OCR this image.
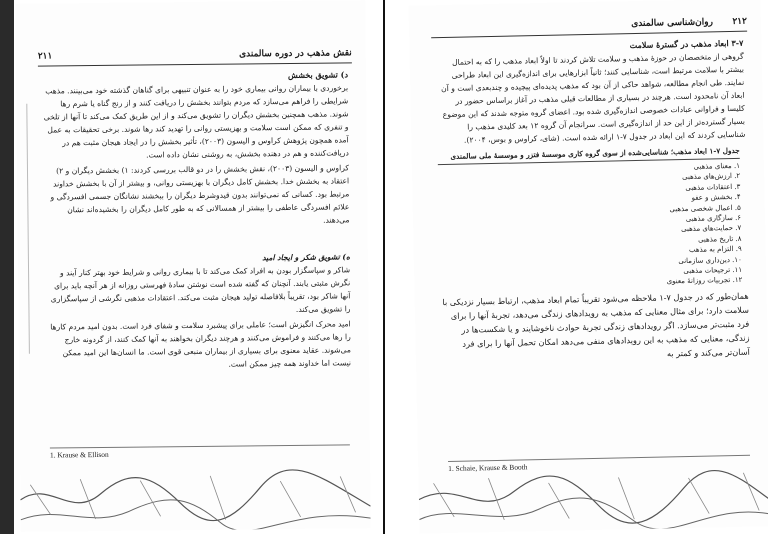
۲۱۱	نقش مذهب در دوره سالمندی
د) تشویق بخشش

برخوردی با بیماران روانی بیماری خود را به عنوان تنبیهی برای گناهان گذشته خود می‌بینند. مذهب شرایطی را فراهم می‌سازد که مردم بتوانند بخشش را دریافت کنند و از رنج گناه یا شرم رها شوند. مذهب همچنین بخشش دیگران را تشویق می‌کند و از این طریق کمک می‌کند تا آنها از تلخی و تنفری که ممکن است سلامت و بهزیستی روانی را تهدید کند رها شوند. برخی تحقیقات به عمل آمده همچون پژوهش کراوس و الیسون (۲۰۰۳)، تأثیر بخشش را در ایجاد هیجان مثبت هم در دریافت‌کننده و هم در دهنده بخشش، به روشنی نشان داده است.

کراوس و الیسون (۲۰۰۳)، نقش بخشش را در دو قالب بررسی کردند: ۱) بخشش دیگران و ۲) اعتقاد به بخشش خدا. بخشش کامل دیگران با بهزیستی روانی، و بیشتر از آن با بخشش خداوند مرتبط بود. کسانی که نمی‌توانند بدون قیدوشرط دیگران را ببخشند نشانگان جسمی افسردگی و علائم افسردگی عاطفی را بیشتر از همسالانی که به طور کامل دیگران را بخشیده‌اند نشان می‌دهند.

ه) تشویق شکر و ایجاد امید

شاکر و سپاسگزار بودن به افراد کمک می‌کند تا با بیماری روانی و شرایط خود بهتر کنار آیند و نگرش مثبتی یابند. آنچنان که گفته شده است نوشتن سادهٔ فهرستی روزانه از هر آنچه باید برای آنها شاکر بود، تقریباً بلافاصله تولید هیجان مثبت می‌کند. اعتقادات مذهبی نگرشی از سپاسگزاری را تشویق می‌کند.

امید محرک انگیزش است؛ عاملی برای پیشبرد سلامت و شفای فرد است. بدون امید مردم کارها را رها می‌کنند و فراموش می‌کنند و هرچند دیگران بخواهند به آنها کمک کنند، از گردونه خارج می‌شوند. عقاید معنوی برای بسیاری از بیماران منبعی قوی است. ما انسان‌ها این امید ممکن نیست اما خداوند همه چیز ممکن است.

1. Krause & Ellison
۲۱۲
روان‌شناسی سالمندی
۳-۷ ابعاد مذهب در گسترهٔ سلامت

گروهی از متخصصان در حوزهٔ مذهب و سلامت تلاش کردند تا اولاً ابعاد مذهب را که به احتمال بیشتر با سلامت مرتبط است، شناسایی کنند؛ ثانیاً ابزارهایی برای اندازه‌گیری این ابعاد طراحی نمایند. طی انجام مطالعه، شواهد حاکی از آن بود که مذهب پدیده‌ای پیچیده و چندبعدی است و آن ابعاد آن نامحدود است. هرچند در بسیاری از مطالعات قبلی مذهب در آغاز براساس حضور در کلیسا و فراوانی عبادات خصوصی اندازه‌گیری شده بود. اعضای گروه متوجه شدند که این موضوع بسیار گسترده‌تر از این حد از اندازه‌گیری است. سرانجام آن گروه ۱۲ بعد کلیدی مذهب را شناسایی کردند که این ابعاد در جدول ۷-۱ ارائه شده است. (شای، کراوس و بوس، ۲۰۰۴).

جدول ۷-۱ ابعاد مذهب؛ شناسایی‌شده از سوی گروه کاری موسسهٔ فتزر و موسسهٔ ملی سالمندی
۱. معنای مذهبی
۲. ارزش‌های مذهبی
۳. اعتقادات مذهبی
۴. بخشش و عفو
۵. اعمال شخصی مذهبی
۶. سازگاری مذهبی
۷. حمایت‌های مذهبی
۸. تاریخ مذهبی
۹. التزام به مذهب
۱۰. دین‌داری سازمانی
۱۱. ترجیحات مذهبی
۱۲. تجربیات روزانهٔ معنوی

همان‌طور که در جدول ۷-۱ ملاحظه می‌شود تقریباً تمام ابعاد مذهب، ارتباط بسیار نزدیکی با سلامت دارد؛ برای مثال معنایی که مذهب به رویدادهای زندگی می‌دهد، تجربهٔ آنها را برای فرد مثبت‌تر می‌سازد. اگر رویدادهای زندگی تجربهٔ حوادث ناخوشایند و یا شکست‌ها در زندگی، معنایی که مذهب به این رویدادهای منفی می‌دهد امکان تحمل آنها را برای فرد آسان‌تر می‌کند و کمتر به

1. Schaie, Krause & Booth
